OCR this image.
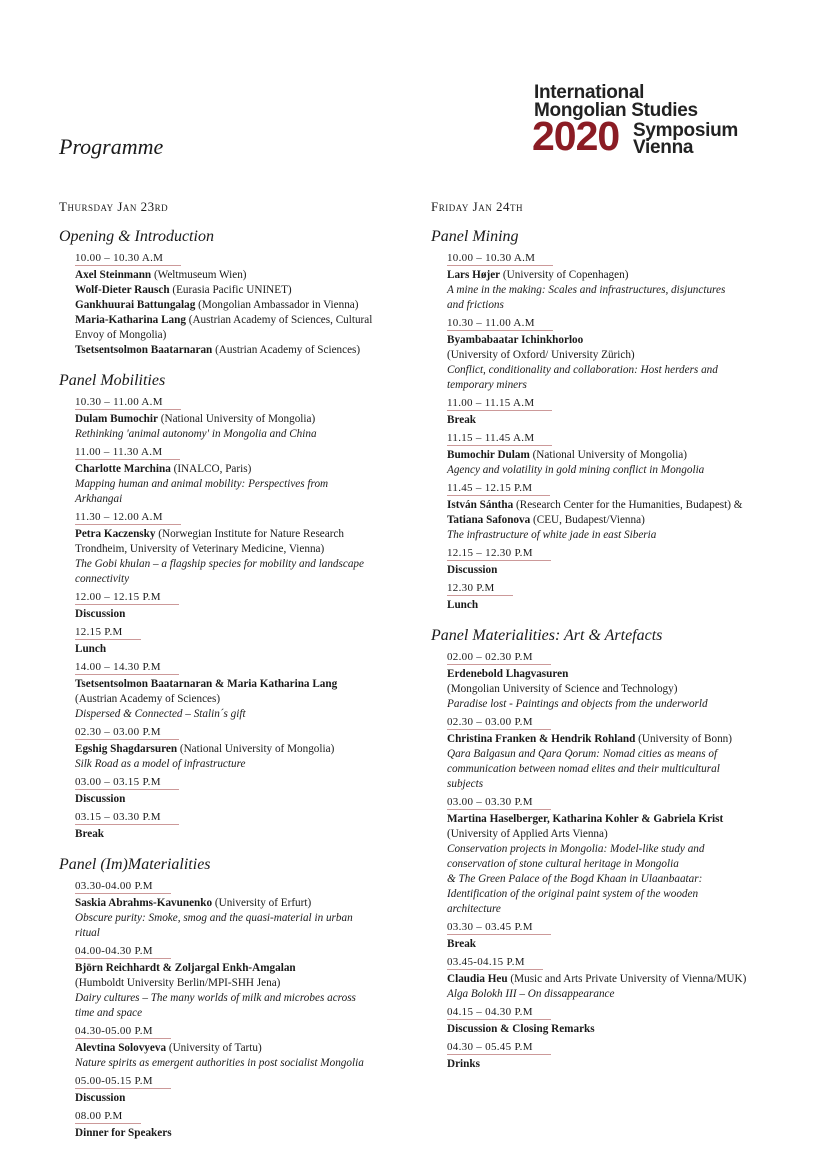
International
Mongolian Studies
2020 Symposium
Vienna
Programme
Thursday Jan 23rd
Opening & Introduction
10.00 – 10.30 A.M
Axel Steinmann (Weltmuseum Wien)
Wolf-Dieter Rausch (Eurasia Pacific UNINET)
Gankhuurai Battungalag (Mongolian Ambassador in Vienna)
Maria-Katharina Lang (Austrian Academy of Sciences, Cultural
Envoy of Mongolia)
Tsetsentsolmon Baatarnaran (Austrian Academy of Sciences)
Panel Mobilities
10.30 – 11.00 A.M
Dulam Bumochir (National University of Mongolia)
Rethinking 'animal autonomy' in Mongolia and China
11.00 – 11.30 A.M
Charlotte Marchina (INALCO, Paris)
Mapping human and animal mobility: Perspectives from
Arkhangai
11.30 – 12.00 A.M
Petra Kaczensky (Norwegian Institute for Nature Research
Trondheim, University of Veterinary Medicine, Vienna)
The Gobi khulan – a flagship species for mobility and landscape
connectivity
12.00 – 12.15 P.M
Discussion
12.15 P.M
Lunch
14.00 – 14.30 P.M
Tsetsentsolmon Baatarnaran & Maria Katharina Lang
(Austrian Academy of Sciences)
Dispersed & Connected – Stalin´s gift
02.30 – 03.00 P.M
Egshig Shagdarsuren (National University of Mongolia)
Silk Road as a model of infrastructure
03.00 – 03.15 P.M
Discussion
03.15 – 03.30 P.M
Break
Panel (Im)Materialities
03.30-04.00 P.M
Saskia Abrahms-Kavunenko (University of Erfurt)
Obscure purity: Smoke, smog and the quasi-material in urban
ritual
04.00-04.30 P.M
Björn Reichhardt & Zoljargal Enkh-Amgalan
(Humboldt University Berlin/MPI-SHH Jena)
Dairy cultures – The many worlds of milk and microbes across
time and space
04.30-05.00 P.M
Alevtina Solovyeva (University of Tartu)
Nature spirits as emergent authorities in post socialist Mongolia
05.00-05.15 P.M
Discussion
08.00 P.M
Dinner for Speakers
Friday Jan 24th
Panel Mining
10.00 – 10.30 A.M
Lars Højer (University of Copenhagen)
A mine in the making: Scales and infrastructures, disjunctures
and frictions
10.30 – 11.00 A.M
Byambabaatar Ichinkhorloo
(University of Oxford/ University Zürich)
Conflict, conditionality and collaboration: Host herders and
temporary miners
11.00 – 11.15 A.M
Break
11.15 – 11.45 A.M
Bumochir Dulam (National University of Mongolia)
Agency and volatility in gold mining conflict in Mongolia
11.45 – 12.15 P.M
István Sántha (Research Center for the Humanities, Budapest) &
Tatiana Safonova (CEU, Budapest/Vienna)
The infrastructure of white jade in east Siberia
12.15 – 12.30 P.M
Discussion
12.30 P.M
Lunch
Panel Materialities: Art & Artefacts
02.00 – 02.30 P.M
Erdenebold Lhagvasuren
(Mongolian University of Science and Technology)
Paradise lost - Paintings and objects from the underworld
02.30 – 03.00 P.M
Christina Franken & Hendrik Rohland (University of Bonn)
Qara Balgasun and Qara Qorum: Nomad cities as means of
communication between nomad elites and their multicultural
subjects
03.00 – 03.30 P.M
Martina Haselberger, Katharina Kohler & Gabriela Krist
(University of Applied Arts Vienna)
Conservation projects in Mongolia: Model-like study and
conservation of stone cultural heritage in Mongolia
& The Green Palace of the Bogd Khaan in Ulaanbaatar:
Identification of the original paint system of the wooden
architecture
03.30 – 03.45 P.M
Break
03.45-04.15 P.M
Claudia Heu (Music and Arts Private University of Vienna/MUK)
Alga Bolokh III – On dissappearance
04.15 – 04.30 P.M
Discussion & Closing Remarks
04.30 – 05.45 P.M
Drinks
